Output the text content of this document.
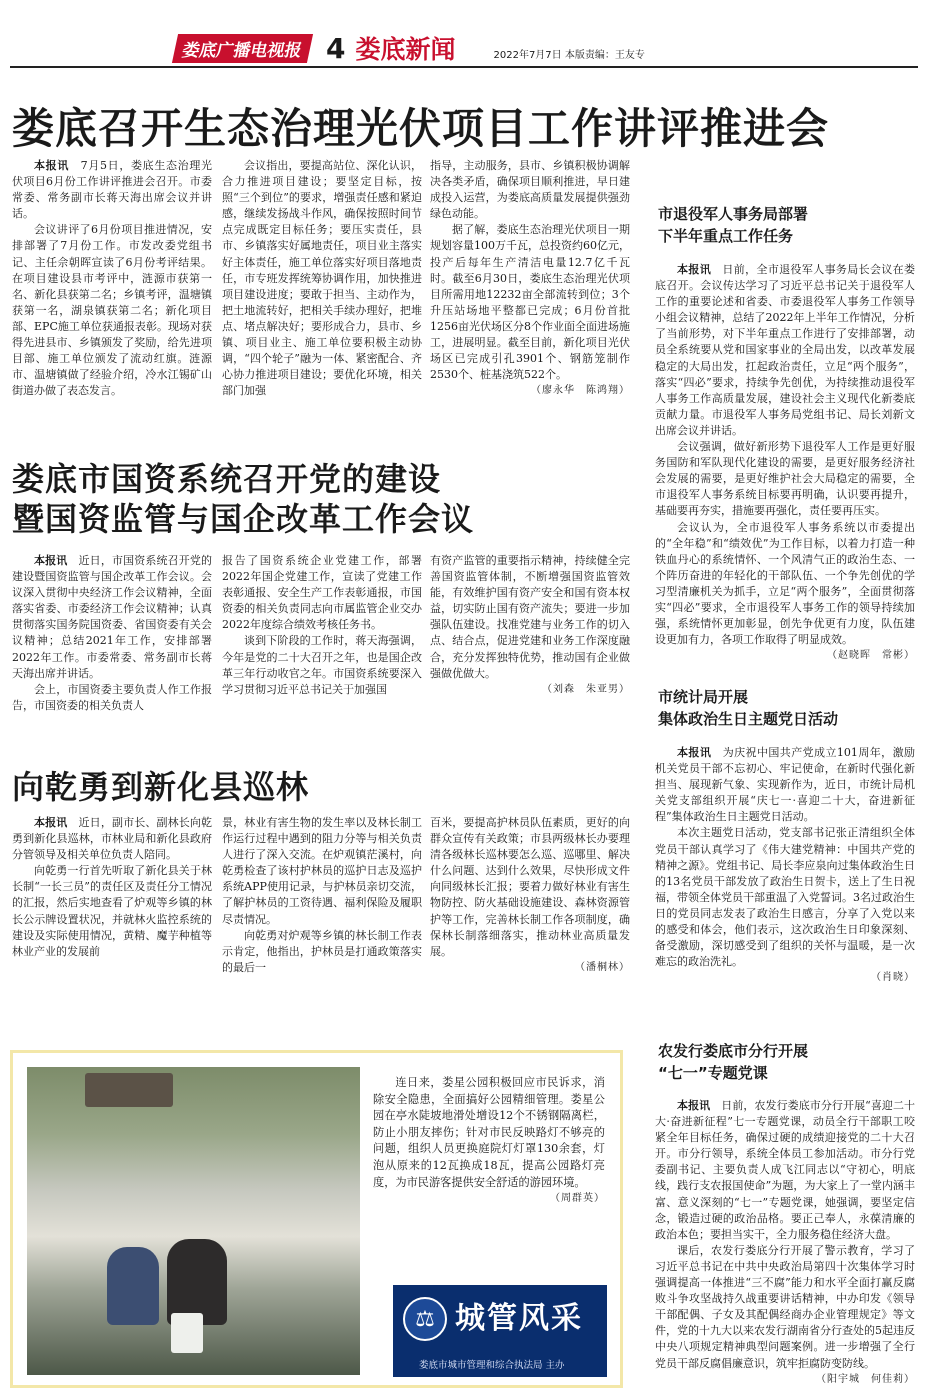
娄底广播电视报 4 娄底新闻	2022年7月7日 本版责编：王友专
娄底召开生态治理光伏项目工作讲评推进会

本报讯　 7月5日，娄底生态治理光伏项目6月份工作讲评推进会召开。市委常委、常务副市长蒋天海出席会议并讲话。

会议讲评了6月份项目推进情况，安排部署了7月份工作。市发改委党组书记、主任佘朝晖宣读了6月份考评结果。在项目建设县市考评中，涟源市获第一名、新化县获第二名；乡镇考评，温塘镇获第一名，湖泉镇获第二名；新化项目部、EPC施工单位获通报表彰。现场对获得先进县市、乡镇颁发了奖励，给先进项目部、施工单位颁发了流动红旗。涟源市、温塘镇做了经验介绍，冷水江锡矿山街道办做了表态发言。

会议指出，要提高站位、深化认识，合力推进项目建设；要坚定目标，按照“三个到位”的要求，增强责任感和紧迫感，继续发扬战斗作风，确保按照时间节点完成既定目标任务；要压实责任，县市、乡镇落实好属地责任，项目业主落实好主体责任，施工单位落实好项目落地责任，市专班发挥统筹协调作用，加快推进项目建设进度；要敢于担当、主动作为，把土地流转好，把相关手续办理好，把堆点、堵点解决好；要形成合力，县市、乡镇、项目业主、施工单位要积极主动协调，“四个轮子”融为一体、紧密配合、齐心协力推进项目建设；要优化环境，相关部门加强

指导，主动服务，县市、乡镇积极协调解决各类矛盾，确保项目顺利推进，早日建成投入运营，为娄底高质量发展提供强劲绿色动能。

据了解，娄底生态治理光伏项目一期规划容量100万千瓦，总投资约60亿元，投产后每年生产清洁电量12.7亿千瓦时。截至6月30日，娄底生态治理光伏项目所需用地12232亩全部流转到位；3个升压站场地平整都已完成；6月份首批1256亩光伏场区分8个作业面全面进场施工，进展明显。截至目前，新化项目光伏场区已完成引孔3901个、钢筋笼制作2530个、桩基浇筑522个。

（廖永华　陈鸿翔）

娄底市国资系统召开党的建设
暨国资监管与国企改革工作会议

本报讯　 近日，市国资系统召开党的建设暨国资监管与国企改革工作会议。会议深入贯彻中央经济工作会议精神，全面落实省委、市委经济工作会议精神；认真贯彻落实国务院国资委、省国资委有关会议精神；总结2021年工作，安排部署2022年工作。市委常委、常务副市长蒋天海出席并讲话。

会上，市国资委主要负责人作工作报告，市国资委的相关负责人

报告了国资系统企业党建工作，部署2022年国企党建工作，宣读了党建工作表彰通报、安全生产工作表彰通报，市国资委的相关负责同志向市属监管企业交办2022年度综合绩效考核任务书。

谈到下阶段的工作时，蒋天海强调，今年是党的二十大召开之年，也是国企改革三年行动收官之年。市国资系统要深入学习贯彻习近平总书记关于加强国

有资产监管的重要指示精神，持续健全完善国资监管体制，不断增强国资监管效能，有效维护国有资产安全和国有资本权益，切实防止国有资产流失；要进一步加强队伍建设。找准党建与业务工作的切入点、结合点，促进党建和业务工作深度融合，充分发挥独特优势，推动国有企业做强做优做大。

（刘森　朱亚男）

向乾勇到新化县巡林

本报讯　 近日，副市长、副林长向乾勇到新化县巡林，市林业局和新化县政府分管领导及相关单位负责人陪同。

向乾勇一行首先听取了新化县关于林长制“一长三员”的责任区及责任分工情况的汇报，然后实地查看了炉观等乡镇的林长公示牌设置状况，并就林火监控系统的建设及实际使用情况，黄精、魔芋种植等林业产业的发展前

景，林业有害生物的发生率以及林长制工作运行过程中遇到的阻力分等与相关负责人进行了深入交流。在炉观镇茫溪村，向乾勇检查了该村护林员的巡护日志及巡护系统APP使用记录，与护林员亲切交流，了解护林员的工资待遇、福利保险及履职尽责情况。

向乾勇对炉观等乡镇的林长制工作表示肯定，他指出，护林员是打通政策落实的最后一

百米，要提高护林员队伍素质，更好的向群众宣传有关政策；市县两级林长办要理清各级林长巡林要怎么巡、巡哪里、解决什么问题、达到什么效果，尽快形成文件向同级林长汇报；要着力做好林业有害生物防控、防火基础设施建设、森林资源管护等工作，完善林长制工作各项制度，确保林长制落细落实，推动林业高质量发展。

（潘桐林）

市退役军人事务局部署
下半年重点工作任务

本报讯　 日前，全市退役军人事务局长会议在娄底召开。会议传达学习了习近平总书记关于退役军人工作的重要论述和省委、市委退役军人事务工作领导小组会议精神，总结了2022年上半年工作情况，分析了当前形势，对下半年重点工作进行了安排部署，动员全系统要从党和国家事业的全局出发，以改革发展稳定的大局出发，扛起政治责任，立足“两个服务”，落实“四必”要求，持续争先创优，为持续推动退役军人事务工作高质量发展，建设社会主义现代化新娄底贡献力量。市退役军人事务局党组书记、局长刘新文出席会议并讲话。

会议强调，做好新形势下退役军人工作是更好服务国防和军队现代化建设的需要，是更好服务经济社会发展的需要，是更好维护社会大局稳定的需要，全市退役军人事务系统目标要再明确，认识要再提升，基础要再夯实，措施要再强化，责任要再压实。

会议认为，全市退役军人事务系统以市委提出的“全年稳”和“绩效优”为工作目标，以着力打造一种铁血丹心的系统情怀、一个风清气正的政治生态、一个阵历奋进的年轻化的干部队伍、一个争先创优的学习型清廉机关为抓手，立足“两个服务”，全面贯彻落实“四必”要求，全市退役军人事务工作的领导持续加强，系统情怀更加彰显，创先争优更有力度，队伍建设更加有力，各项工作取得了明显成效。

（赵晓晖　常彬）

市统计局开展
集体政治生日主题党日活动

本报讯　 为庆祝中国共产党成立101周年，激励机关党员干部不忘初心、牢记使命，在新时代强化新担当、展现新气象、实现新作为，近日，市统计局机关党支部组织开展“庆七一·喜迎二十大，奋进新征程”集体政治生日主题党日活动。

本次主题党日活动，党支部书记张正清组织全体党员干部认真学习了《伟大建党精神：中国共产党的精神之源》。党组书记、局长李应泉向过集体政治生日的13名党员干部发放了政治生日贺卡，送上了生日祝福，带领全体党员干部重温了入党誓词。3名过政治生日的党员同志发表了政治生日感言，分享了入党以来的感受和体会，他们表示，这次政治生日印象深刻、备受激励，深切感受到了组织的关怀与温暖，是一次难忘的政治洗礼。

（肖晓）

农发行娄底市分行开展
“七一”专题党课

本报讯　 日前，农发行娄底市分行开展“喜迎二十大·奋进新征程”七一专题党课，动员全行干部职工咬紧全年目标任务，确保过硬的成绩迎接党的二十大召开。市分行领导，系统全体员工参加活动。市分行党委副书记、主要负责人成飞江同志以“守初心，明底线，践行支农报国使命”为题，为大家上了一堂内涵丰富、意义深刻的“七一”专题党课，她强调，要坚定信念，锻造过硬的政治品格。要正己奉人，永葆清廉的政治本色；要担当实干，全力服务稳住经济大盘。

课后，农发行娄底分行开展了警示教育，学习了习近平总书记在中共中央政治局第四十次集体学习时强调提高一体推进“三不腐”能力和水平全面打赢反腐败斗争攻坚战持久战重要讲话精神，中办印发《领导干部配偶、子女及其配偶经商办企业管理规定》等文件，党的十九大以来农发行湖南省分行查处的5起违反中央八项规定精神典型问题案例。进一步增强了全行党员干部反腐倡廉意识，筑牢拒腐防变防线。

（阳宇城　何佳莉）

连日来，娄星公园积极回应市民诉求，消除安全隐患，全面搞好公园精细管理。娄星公园在亭水陡坡地滑处增设12个不锈钢隔离栏，防止小朋友摔伤；针对市民反映路灯不够亮的问题，组织人员更换庭院灯灯罩130余套，灯泡从原来的12瓦换成18瓦，提高公园路灯亮度，为市民游客提供安全舒适的游园环境。

（周群英）

⚖ 城管风采
娄底市城市管理和综合执法局 主办
